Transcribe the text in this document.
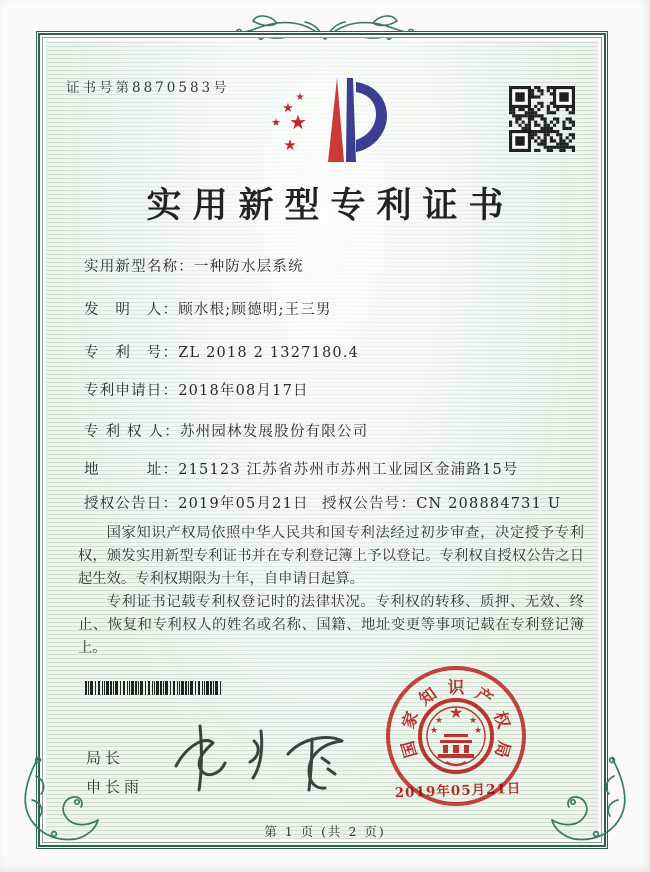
证书号第8870583号
★
★
★
★
★
实用新型专利证书
实用新型名称：一种防水层系统
发　明　人：顾水根;顾德明;王三男
专　利　号：ZL 2018 2 1327180.4
专利申请日：2018年08月17日
专 利 权 人：苏州园林发展股份有限公司
地　　　址：215123 江苏省苏州市苏州工业园区金浦路15号
授权公告日：2019年05月21日 授权公告号：CN 208884731 U

国家知识产权局依照中华人民共和国专利法经过初步审查，决定授予专利权，颁发实用新型专利证书并在专利登记簿上予以登记。专利权自授权公告之日起生效。专利权期限为十年，自申请日起算。

专利证书记载专利权登记时的法律状况。专利权的转移、质押、无效、终止、恢复和专利权人的姓名或名称、国籍、地址变更等事项记载在专利登记簿上。

局长
申长雨
国
家
知 识 产
权
局
★
★	★
★	★
2019年05月21日
第 1 页 (共 2 页)
